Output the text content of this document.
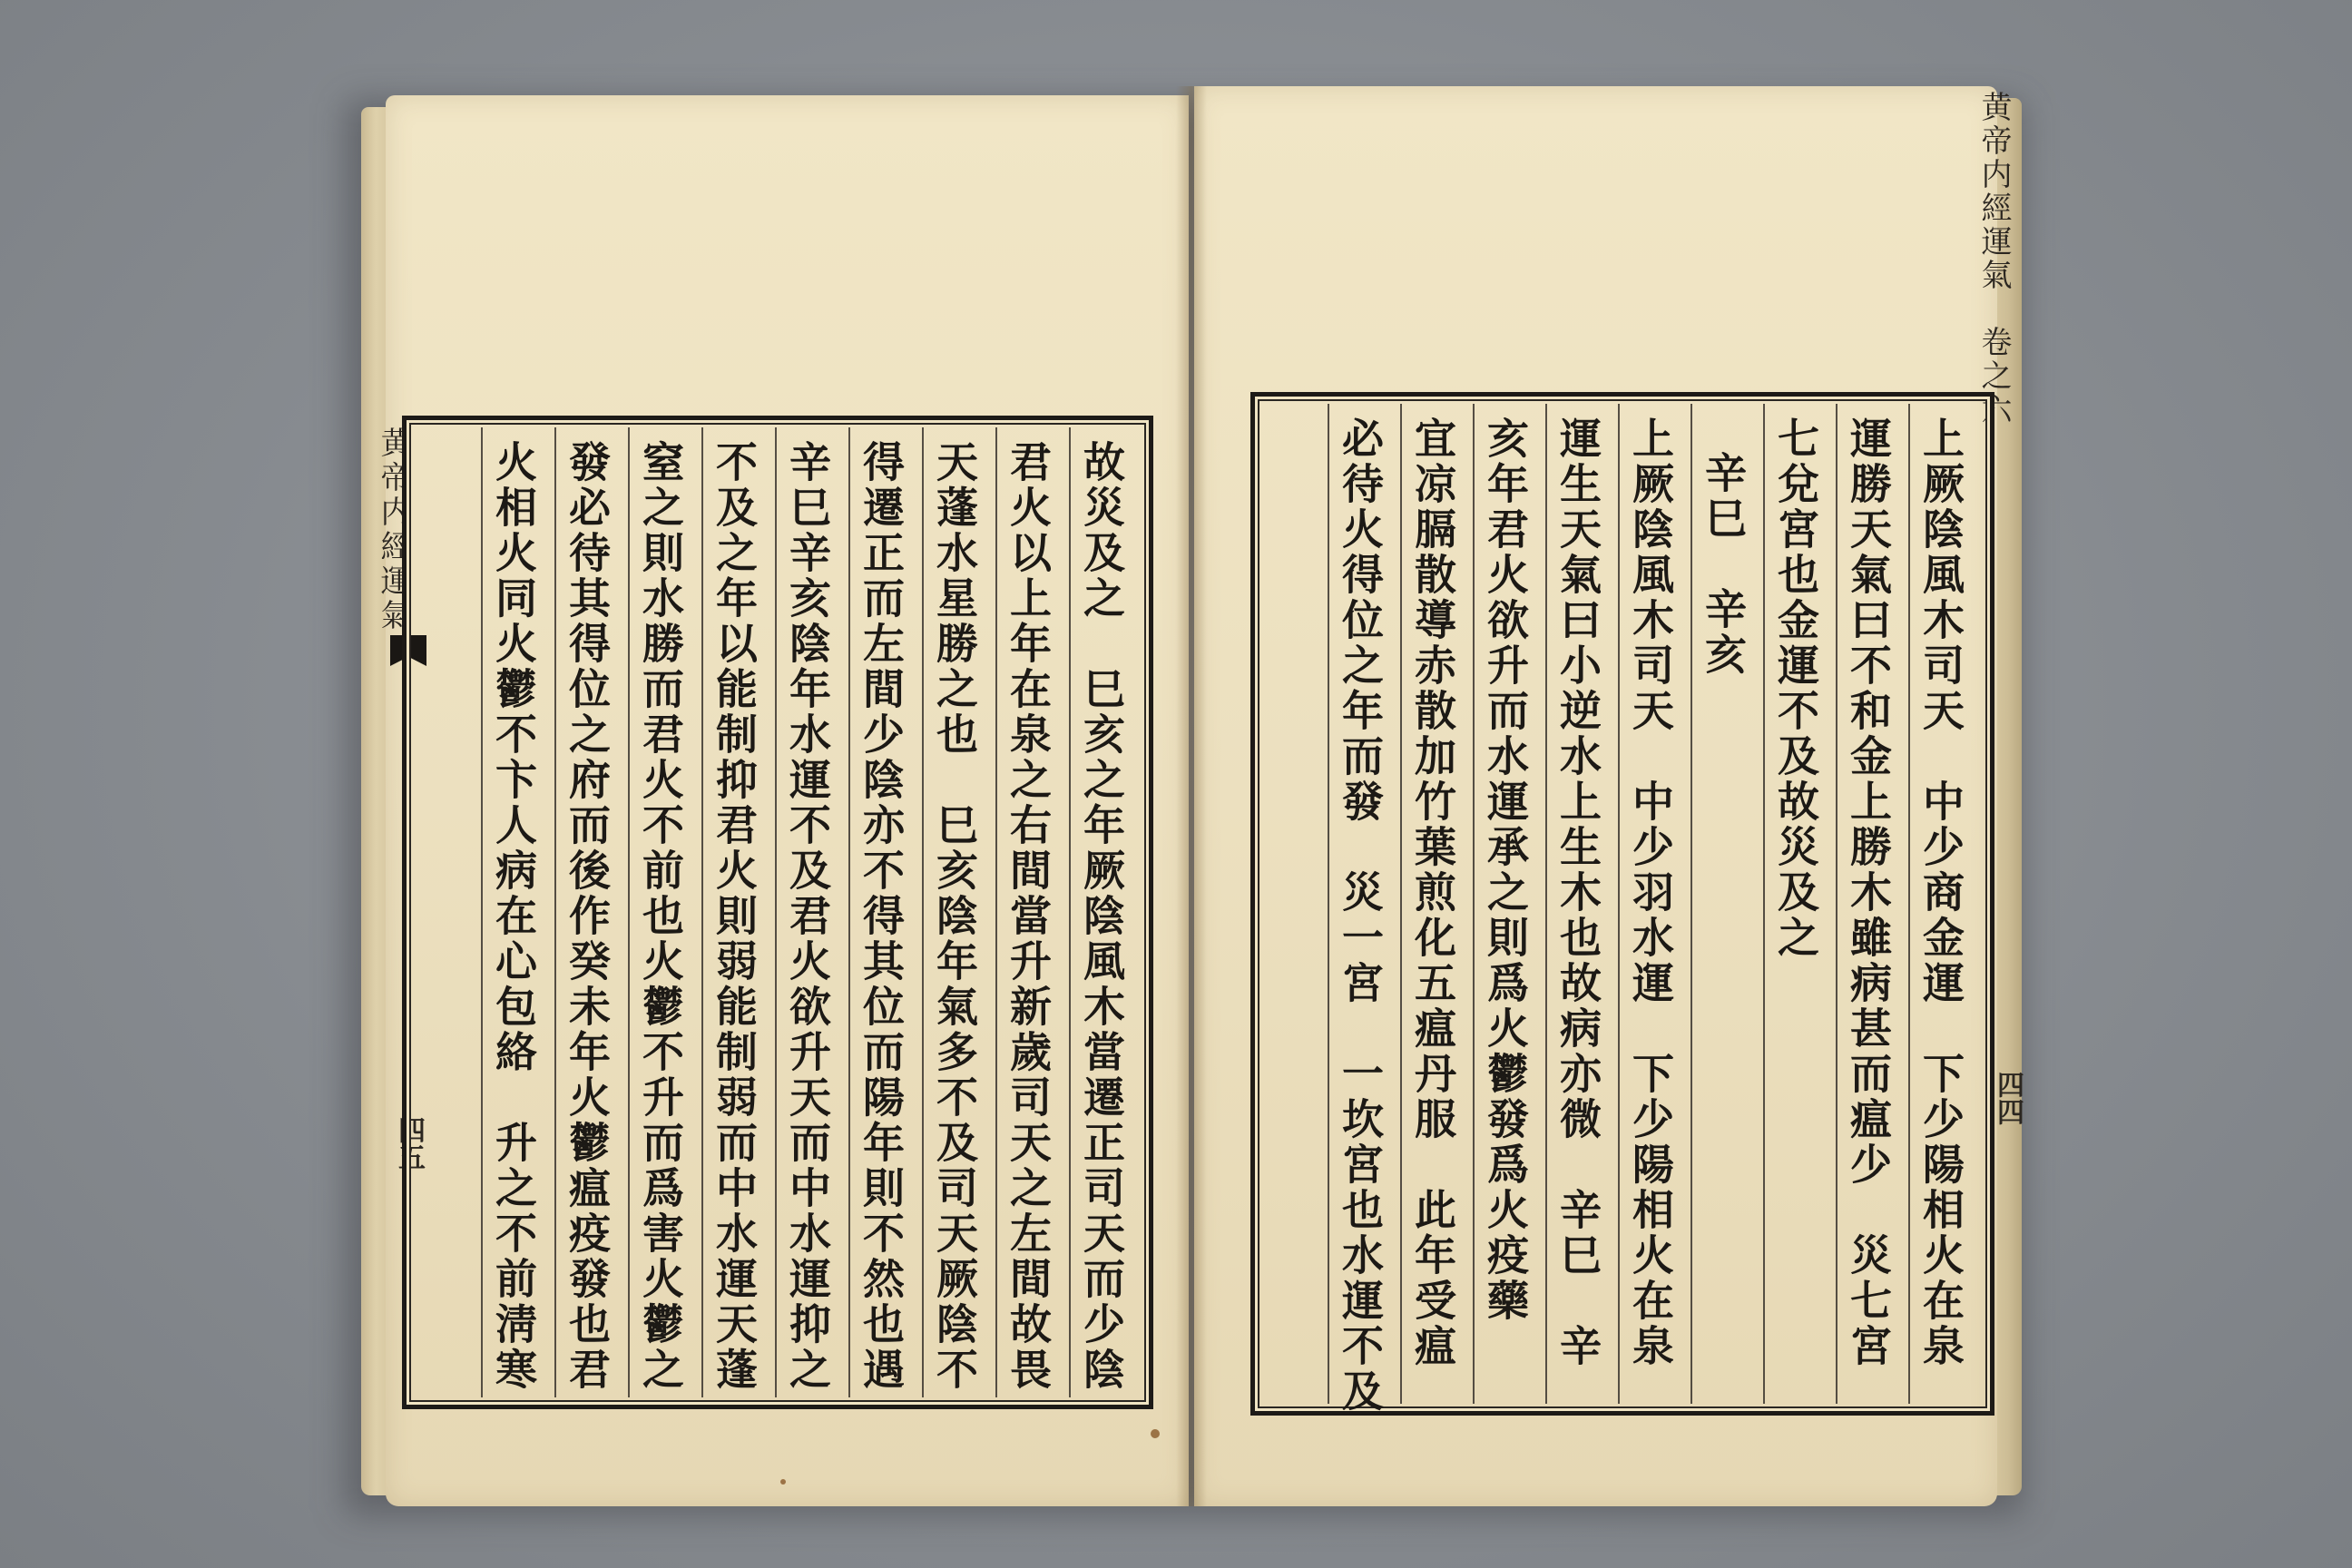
黄帝内經運氣
四五
黄帝内經運氣　卷之六
四四
故災及之　巳亥之年厥陰風木當遷正司天而少陰
君火以上年在泉之右間當升新歲司天之左間故畏
天蓬水星勝之也　巳亥陰年氣多不及司天厥陰不
得遷正而左間少陰亦不得其位而陽年則不然也遇
辛巳辛亥陰年水運不及君火欲升天而中水運抑之
不及之年以能制抑君火則弱能制弱而中水運天蓬
窒之則水勝而君火不前也火鬱不升而爲害火鬱之
發必待其得位之府而後作癸未年火鬱瘟疫發也君
火相火同火鬱不卞人病在心包絡　升之不前淸寒	上厥陰風木司天　中少商金運　下少陽相火在泉
運勝天氣曰不和金上勝木雖病甚而瘟少　災七宮
七兌宮也金運不及故災及之
辛巳　辛亥
上厥陰風木司天　中少羽水運　下少陽相火在泉
運生天氣曰小逆水上生木也故病亦微　辛巳　辛
亥年君火欲升而水運承之則爲火鬱發爲火疫藥
宜凉膈散導赤散加竹葉煎化五瘟丹服　此年受瘟
必待火得位之年而發　災一宮　一坎宮也水運不及
